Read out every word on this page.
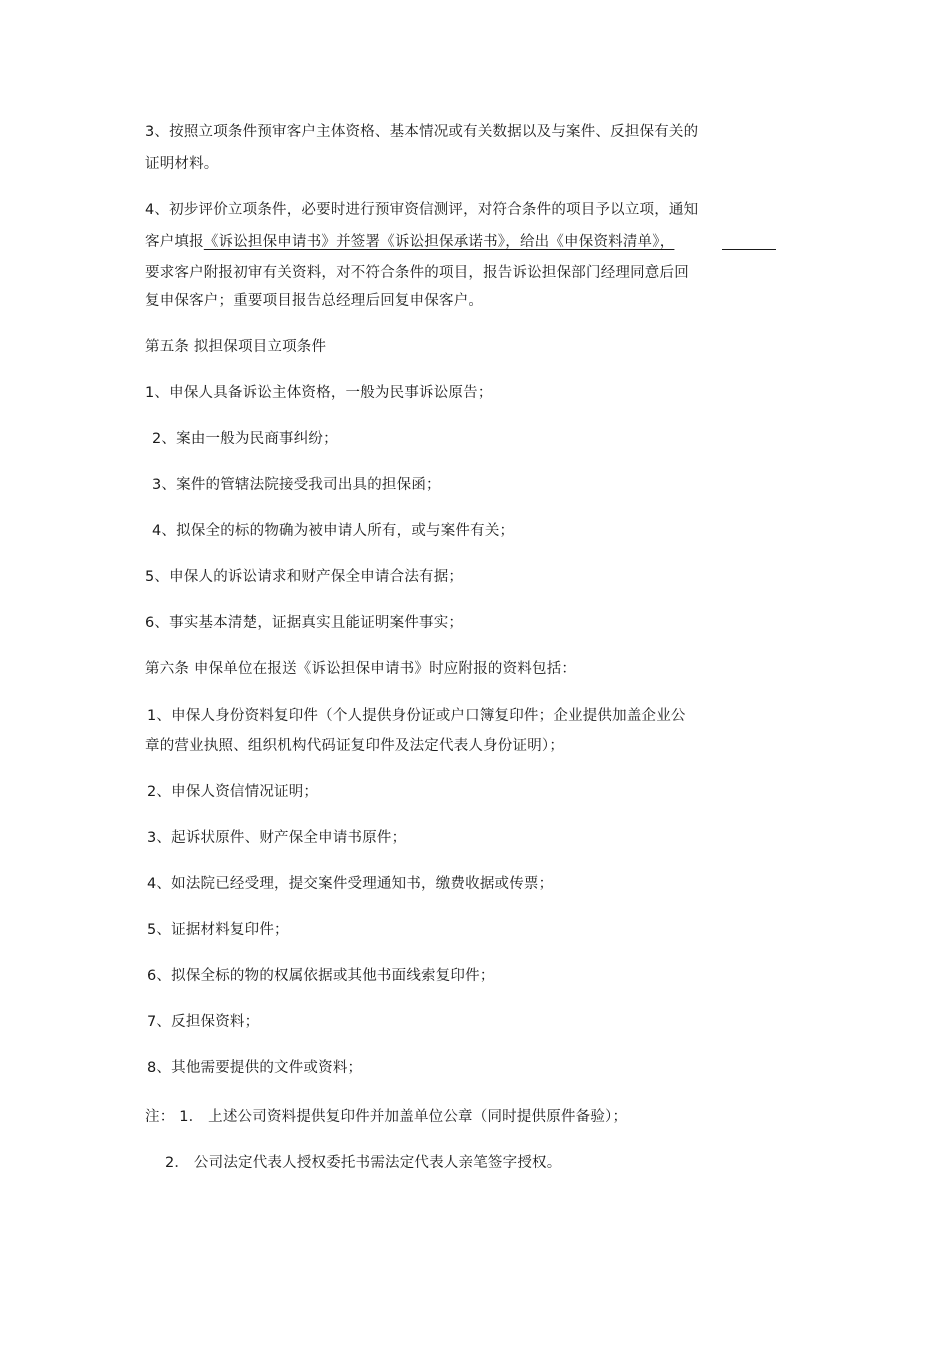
3、按照立项条件预审客户主体资格、基本情况或有关数据以及与案件、反担保有关的
证明材料。
4、初步评价立项条件，必要时进行预审资信测评，对符合条件的项目予以立项，通知
客户填报《诉讼担保申请书》并签署《诉讼担保承诺书》，给出《申保资料清单》，
要求客户附报初审有关资料，对不符合条件的项目，报告诉讼担保部门经理同意后回
复申保客户；重要项目报告总经理后回复申保客户。
第五条 拟担保项目立项条件
1、申保人具备诉讼主体资格，一般为民事诉讼原告；
2、案由一般为民商事纠纷；
3、案件的管辖法院接受我司出具的担保函；
4、拟保全的标的物确为被申请人所有，或与案件有关；
5、申保人的诉讼请求和财产保全申请合法有据；
6、事实基本清楚，证据真实且能证明案件事实；
第六条 申保单位在报送《诉讼担保申请书》时应附报的资料包括：
1、申保人身份资料复印件（个人提供身份证或户口簿复印件；企业提供加盖企业公
章的营业执照、组织机构代码证复印件及法定代表人身份证明）；
2、申保人资信情况证明；
3、起诉状原件、财产保全申请书原件；
4、如法院已经受理，提交案件受理通知书，缴费收据或传票；
5、证据材料复印件；
6、拟保全标的物的权属依据或其他书面线索复印件；
7、反担保资料；
8、其他需要提供的文件或资料；
注： 1． 上述公司资料提供复印件并加盖单位公章（同时提供原件备验）；
2． 公司法定代表人授权委托书需法定代表人亲笔签字授权。
